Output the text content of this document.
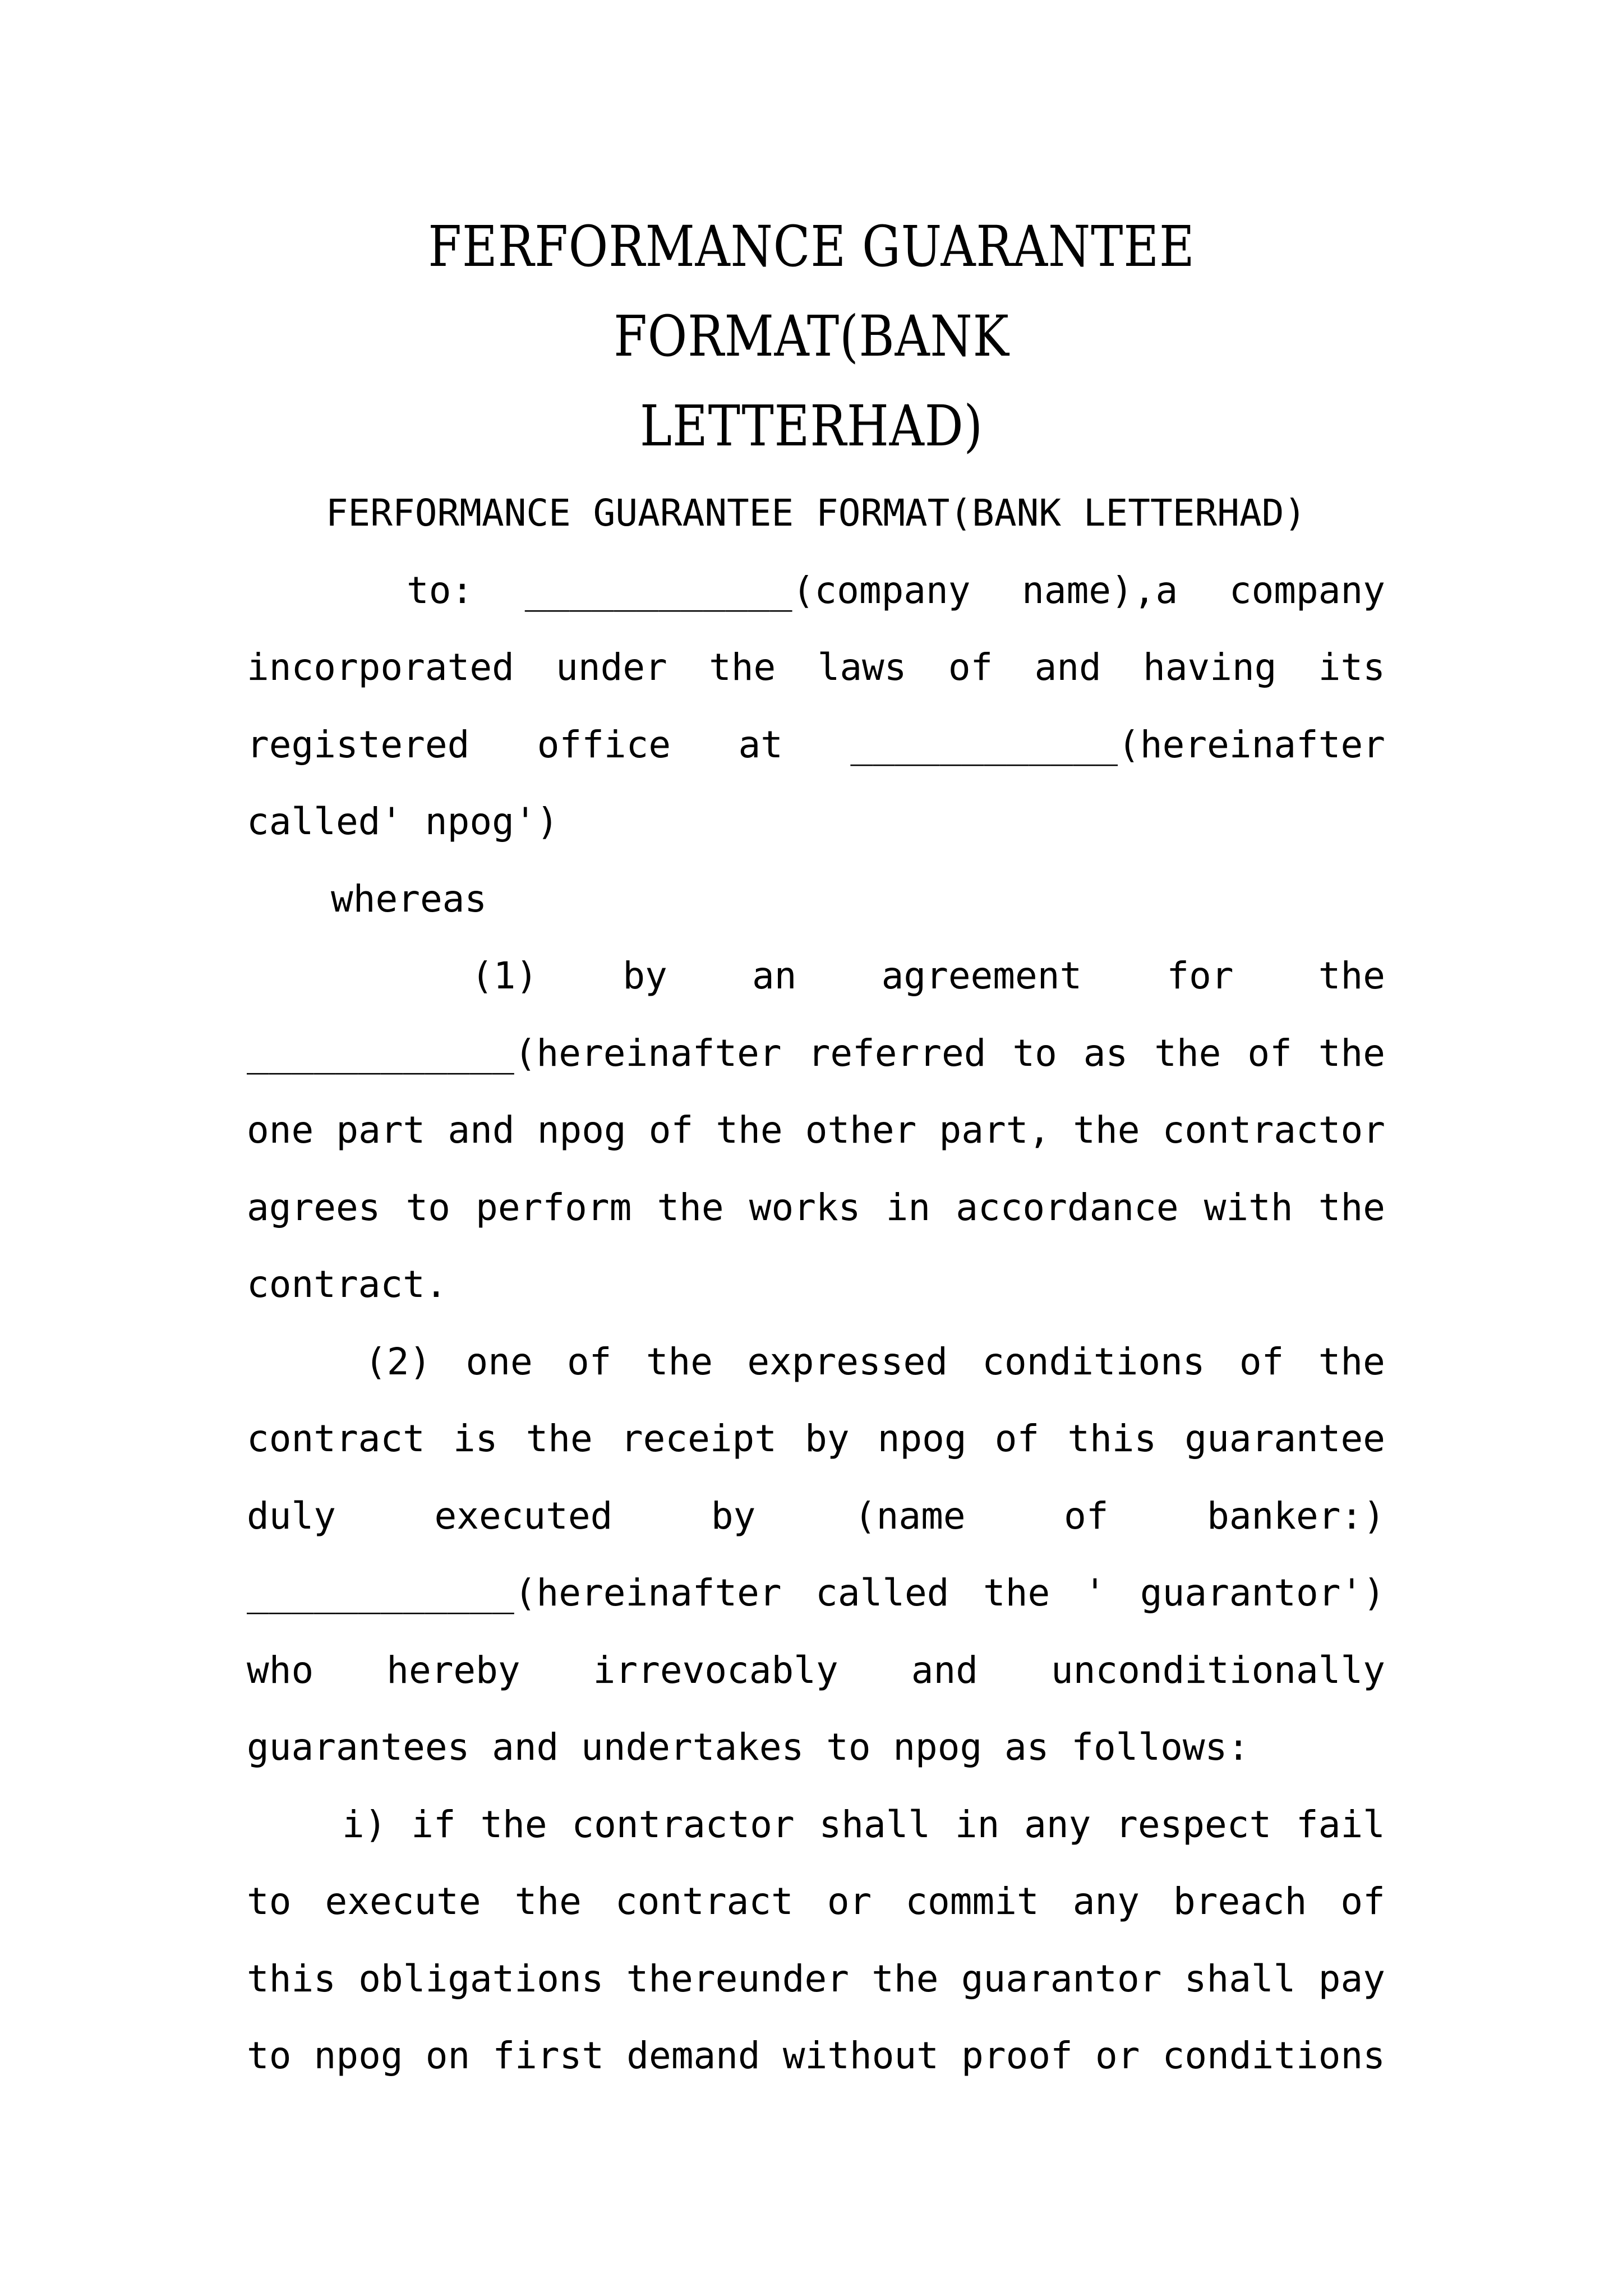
FERFORMANCE GUARANTEE FORMAT(BANK
LETTERHAD)
FERFORMANCE GUARANTEE FORMAT(BANK LETTERHAD)
to: ____________(company name),a company
incorporated under the laws of and having its
registered office at ____________(hereinafter
called' npog')
whereas
(1) by an agreement for the
____________(hereinafter referred to as the of the
one part and npog of the other part, the contractor
agrees to perform the works in accordance with the
contract.
(2) one of the expressed conditions of the
contract is the receipt by npog of this guarantee
duly	executed	by	(name	of	banker:)
____________(hereinafter called the ' guarantor')
who hereby irrevocably and unconditionally
guarantees and undertakes to npog as follows:
i) if the contractor shall in any respect fail
to execute the contract or commit any breach of
this obligations thereunder the guarantor shall pay
to npog on first demand without proof or conditions
